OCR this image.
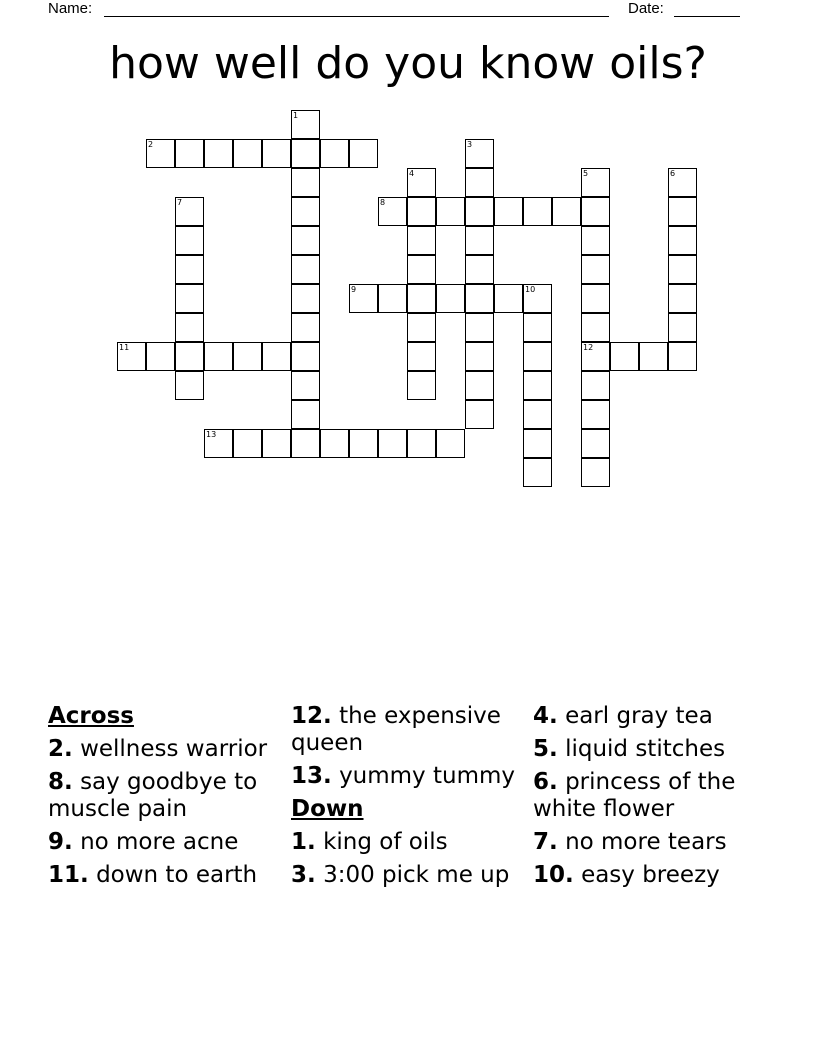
Name:	Date:
how well do you know oils?
2
8
9	10
11	12
13
1
3
4	5	6
7
Across
2. wellness warrior
8. say goodbye to muscle pain
9. no more acne
11. down to earth
12. the expensive queen
13. yummy tummy
Down
1. king of oils
3. 3:00 pick me up
4. earl gray tea
5. liquid stitches
6. princess of the white flower
7. no more tears
10. easy breezy
